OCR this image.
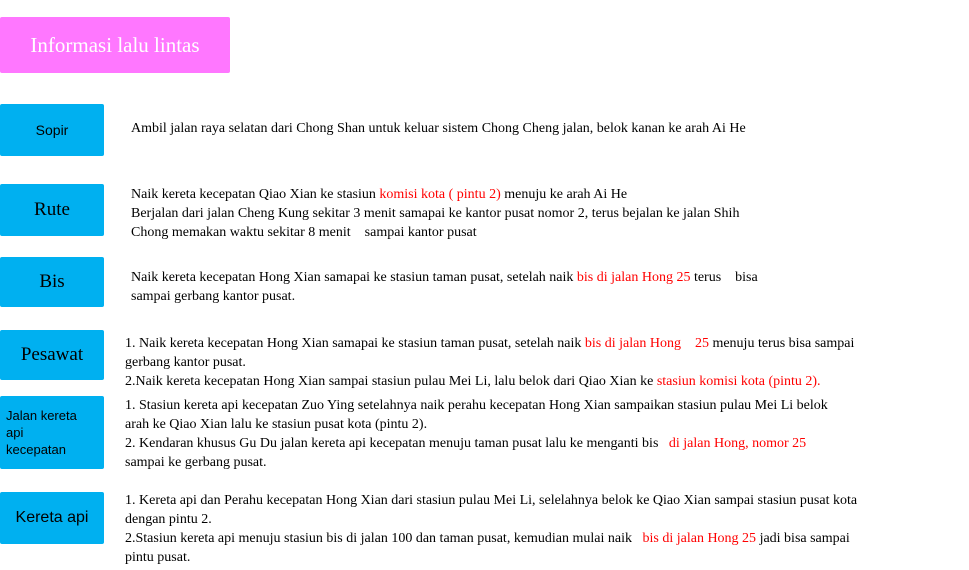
Informasi lalu lintas
Sopir	Ambil jalan raya selatan dari Chong Shan untuk keluar sistem Chong Cheng jalan, belok kanan ke arah Ai He
Rute
Naik kereta kecepatan Qiao Xian ke stasiun komisi kota ( pintu 2) menuju ke arah Ai He
Berjalan dari jalan Cheng Kung sekitar 3 menit samapai ke kantor pusat nomor 2, terus bejalan ke jalan Shih
Chong memakan waktu sekitar 8 menit    sampai kantor pusat
Bis	Naik kereta kecepatan Hong Xian samapai ke stasiun taman pusat, setelah naik bis di jalan Hong 25 terus    bisa
sampai gerbang kantor pusat.
Pesawat
1. Naik kereta kecepatan Hong Xian samapai ke stasiun taman pusat, setelah naik bis di jalan Hong    25 menuju terus bisa sampai
gerbang kantor pusat.
2.Naik kereta kecepatan Hong Xian sampai stasiun pulau Mei Li, lalu belok dari Qiao Xian ke stasiun komisi kota (pintu 2).
Jalan kereta api kecepatan
1. Stasiun kereta api kecepatan Zuo Ying setelahnya naik perahu kecepatan Hong Xian sampaikan stasiun pulau Mei Li belok
arah ke Qiao Xian lalu ke stasiun pusat kota (pintu 2).
2. Kendaran khusus Gu Du jalan kereta api kecepatan menuju taman pusat lalu ke menganti bis   di jalan Hong, nomor 25
sampai ke gerbang pusat.
Kereta api
1. Kereta api dan Perahu kecepatan Hong Xian dari stasiun pulau Mei Li, selelahnya belok ke Qiao Xian sampai stasiun pusat kota
dengan pintu 2.
2.Stasiun kereta api menuju stasiun bis di jalan 100 dan taman pusat, kemudian mulai naik   bis di jalan Hong 25 jadi bisa sampai
pintu pusat.
